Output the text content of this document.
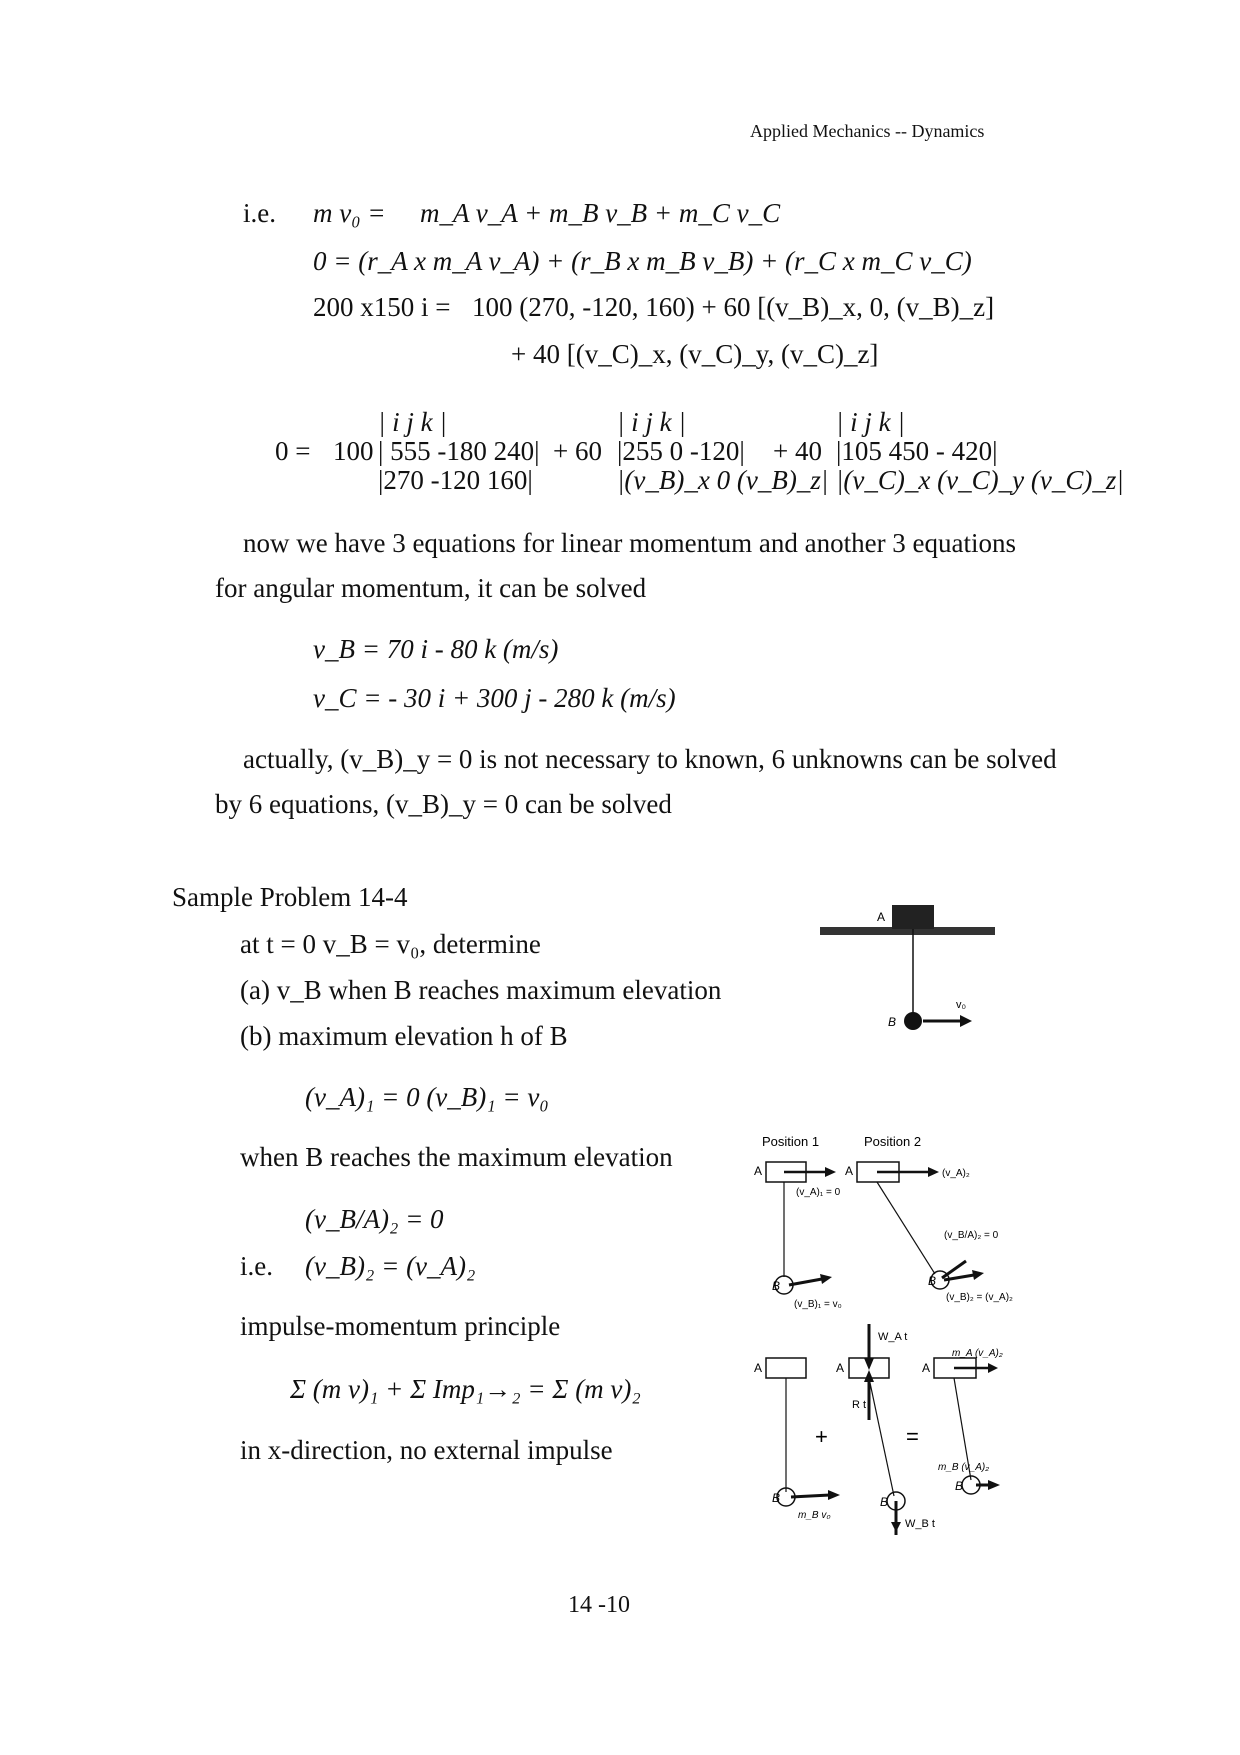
Applied Mechanics -- Dynamics
i.e. m v₀ = m_A v_A + m_B v_B + m_C v_C
0 = (r_A x m_A v_A) + (r_B x m_B v_B) + (r_C x m_C v_C)
200 x150 i = 100 (270, -120, 160) + 60 [(v_B)_x, 0, (v_B)_z]
+ 40 [(v_C)_x, (v_C)_y, (v_C)_z]
0 = 100
| i j k |
| 555 -180 240|
|270 -120 160|
+ 60
| i j k |
|255 0 -120|
|(v_B)_x 0 (v_B)_z|
+ 40
| i j k |
|105 450 - 420|
|(v_C)_x (v_C)_y (v_C)_z|
now we have 3 equations for linear momentum and another 3 equations
for angular momentum, it can be solved
v_B = 70 i - 80 k (m/s)
v_C = - 30 i + 300 j - 280 k (m/s)
actually, (v_B)_y = 0 is not necessary to known, 6 unknowns can be solved
by 6 equations, (v_B)_y = 0 can be solved
Sample Problem 14-4
at t = 0 v_B = v₀, determine
(a) v_B when B reaches maximum elevation
(b) maximum elevation h of B
(v_A)₁ = 0 (v_B)₁ = v₀
when B reaches the maximum elevation
(v_B/A)₂ = 0
i.e. (v_B)₂ = (v_A)₂
impulse-momentum principle
Σ (m v)₁ + Σ Imp₁→₂ = Σ (m v)₂
in x-direction, no external impulse
14 -10
A
B
v₀
Position 1	Position 2
A
B
(v_A)₁ = 0
(v_B)₁ = v₀
A	(v_A)₂
B
(v_B/A)₂ = 0
(v_B)₂ = (v_A)₂
A
B
m_B v₀
+
A
W_A t
R t
B
W_B t
=
A
m_A (v_A)₂
B
m_B (v_A)₂
